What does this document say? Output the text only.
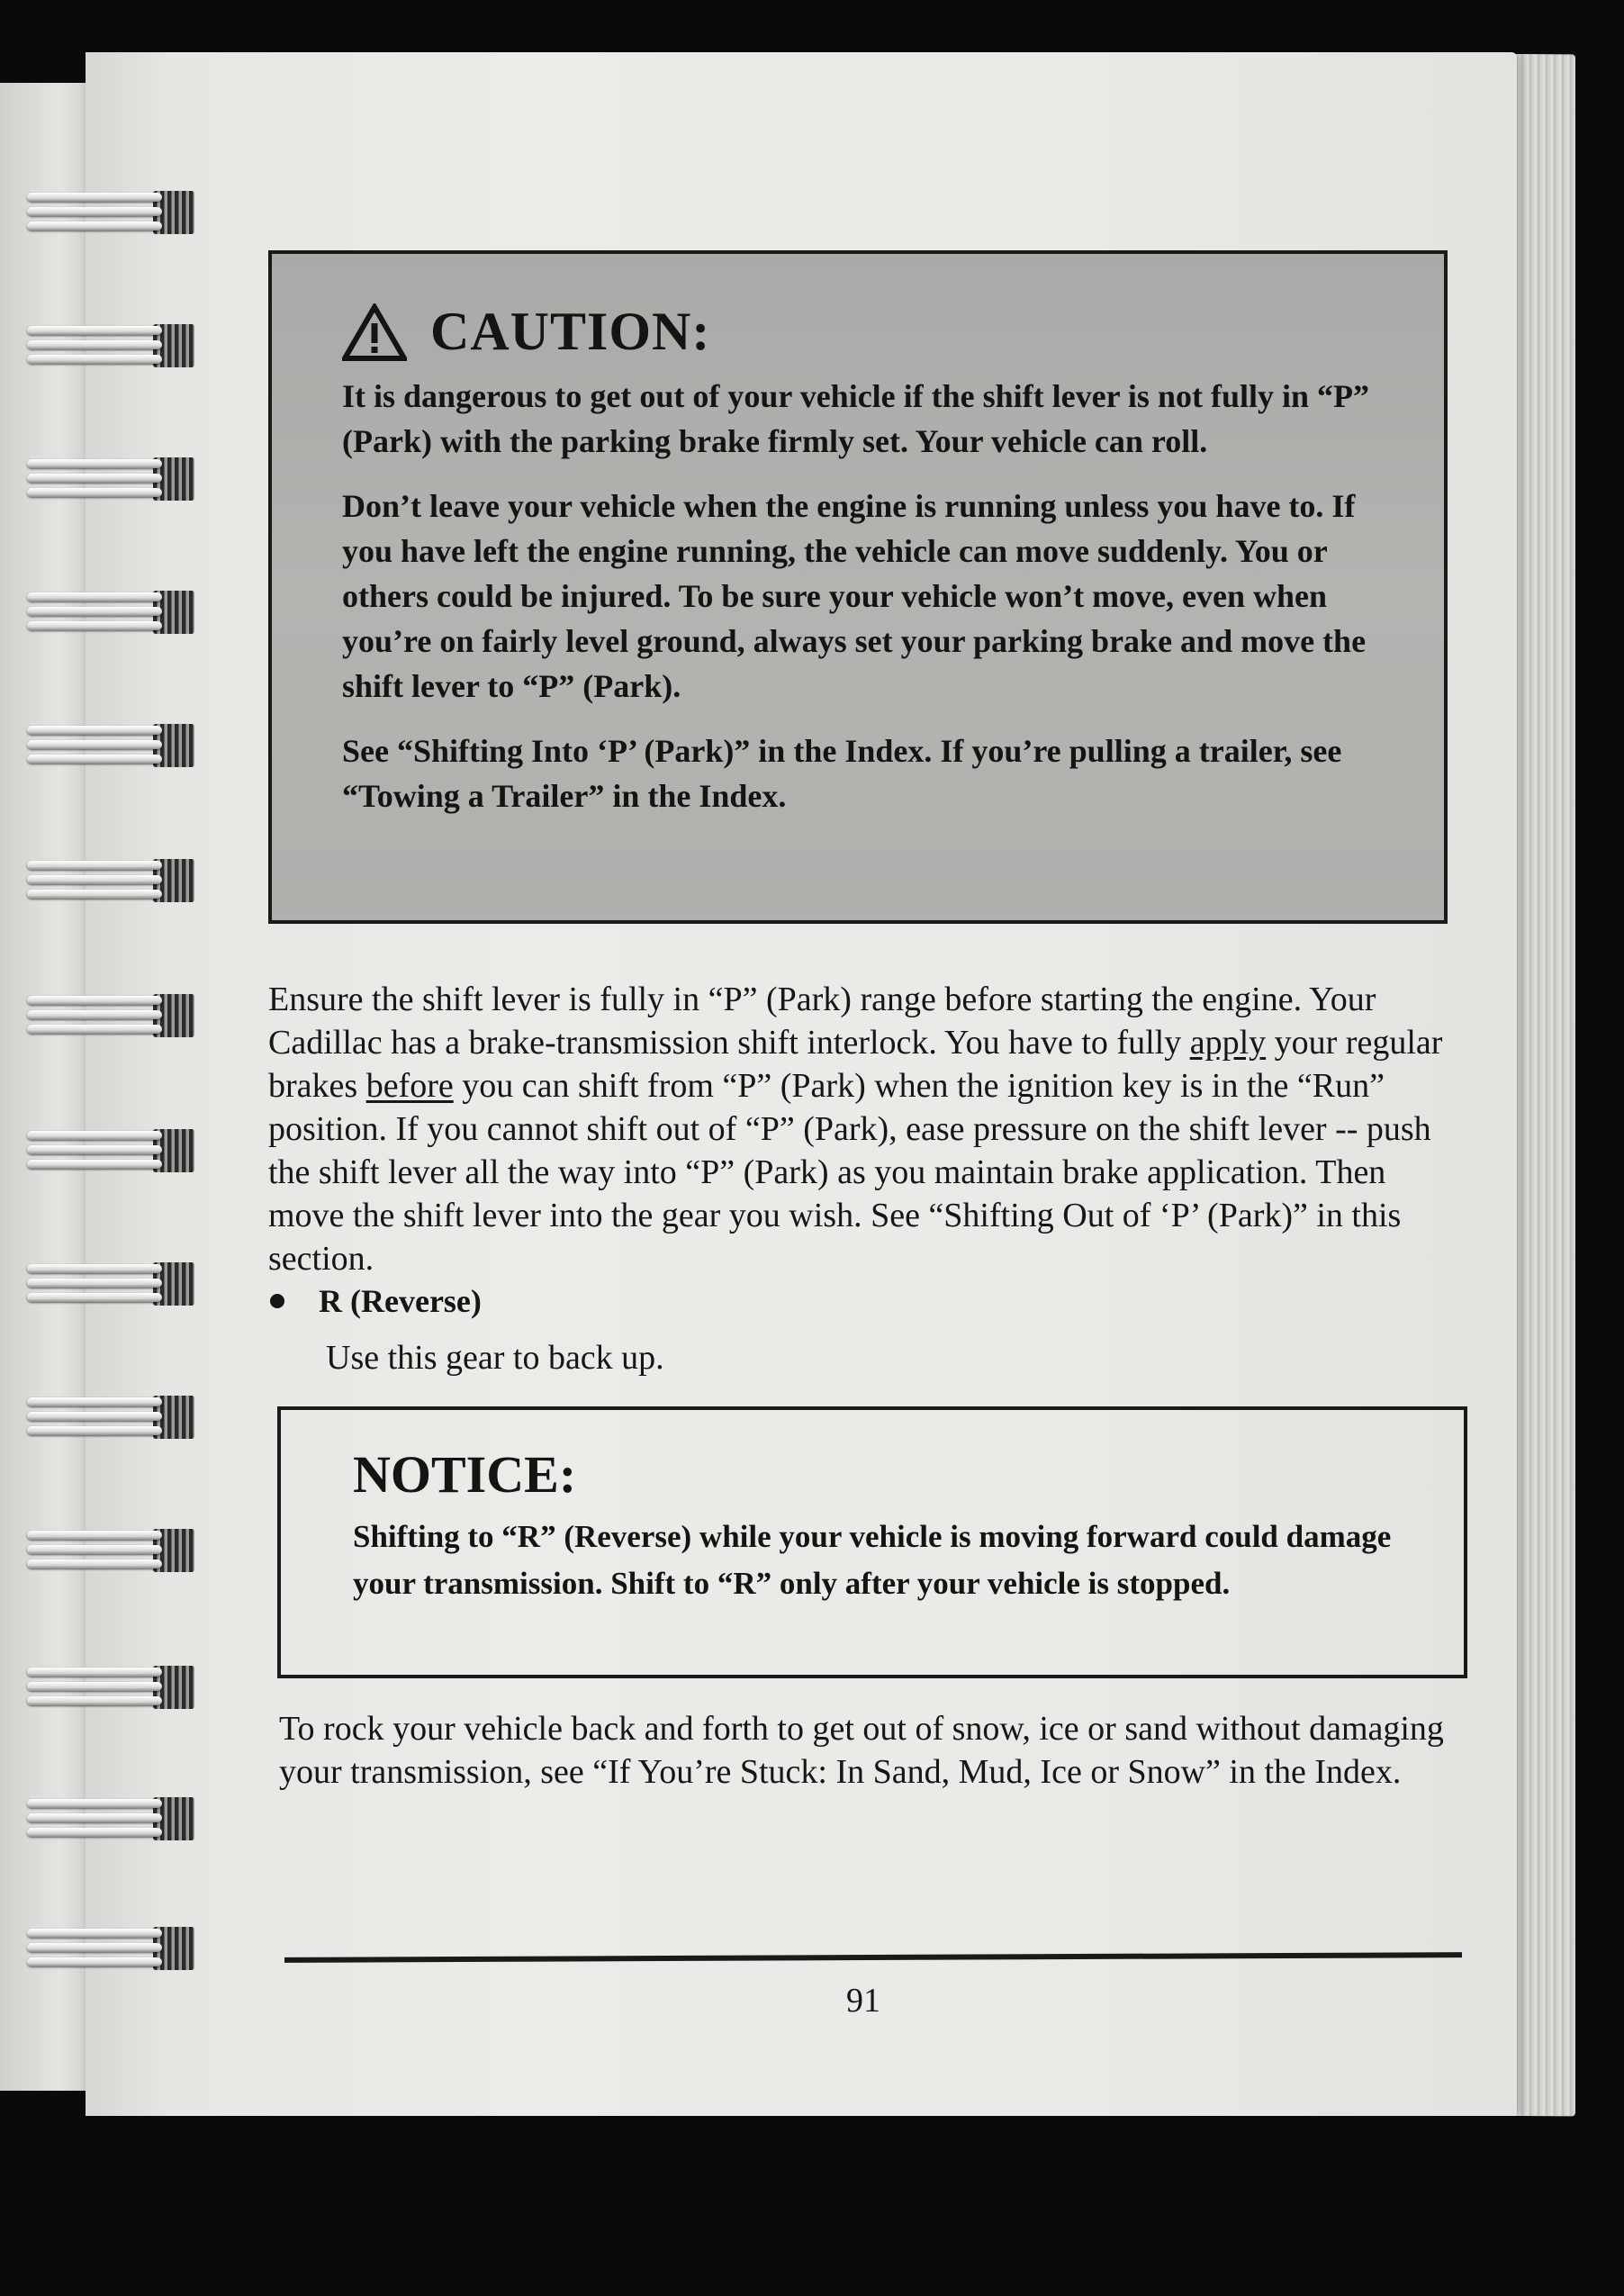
CAUTION:

It is dangerous to get out of your vehicle if the shift lever is not fully in “P” (Park) with the parking brake firmly set. Your vehicle can roll.

Don’t leave your vehicle when the engine is running unless you have to. If you have left the engine running, the vehicle can move suddenly. You or others could be injured. To be sure your vehicle won’t move, even when you’re on fairly level ground, always set your parking brake and move the shift lever to “P” (Park).

See “Shifting Into ‘P’ (Park)” in the Index. If you’re pulling a trailer, see “Towing a Trailer” in the Index.

Ensure the shift lever is fully in “P” (Park) range before starting the engine. Your Cadillac has a brake-transmission shift interlock. You have to fully apply your regular brakes before you can shift from “P” (Park) when the ignition key is in the “Run” position. If you cannot shift out of “P” (Park), ease pressure on the shift lever -- push the shift lever all the way into “P” (Park) as you maintain brake application. Then move the shift lever into the gear you wish. See “Shifting Out of ‘P’ (Park)” in this section.

R (Reverse)

Use this gear to back up.

NOTICE:

Shifting to “R” (Reverse) while your vehicle is moving forward could damage your transmission. Shift to “R” only after your vehicle is stopped.

To rock your vehicle back and forth to get out of snow, ice or sand without damaging your transmission, see “If You’re Stuck: In Sand, Mud, Ice or Snow” in the Index.

91
